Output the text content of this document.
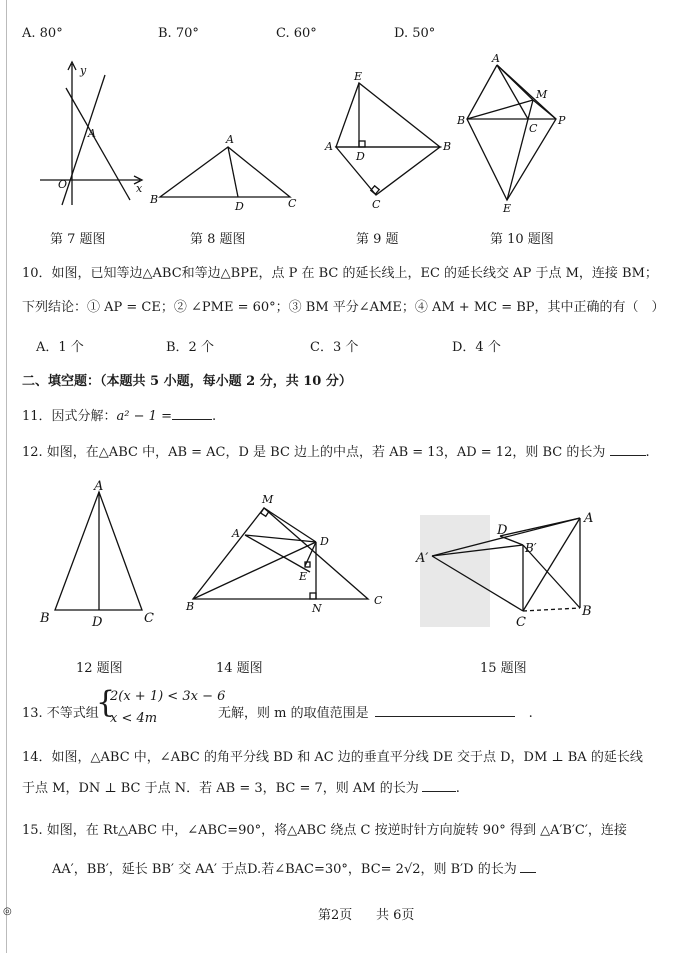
A. 80°	B. 70°	C. 60°	D. 50°
y
x
O
A	A
B	C
D
E
A	B
D
C
A
M
B
C
P
E
第 7 题图	第 8 题图	第 9 题	第 10 题图
10．如图，已知等边△ABC和等边△BPE，点 P 在 BC 的延长线上，EC 的延长线交 AP 于点 M，连接 BM；
下列结论：① AP = CE；② ∠PME = 60°；③ BM 平分∠AME；④ AM + MC = BP，其中正确的有（　）
A．1 个	B．2 个	C．3 个	D．4 个
二、填空题：（本题共 5 小题，每小题 2 分，共 10 分）
11．因式分解：a² − 1 =	.
12. 如图，在△ABC 中，AB = AC，D 是 BC 边上的中点，若 AB = 13，AD = 12，则 BC 的长为	.
A
B	C
D
M
A
D
E
B	N
C
D
A
A′
B′
B
C
12 题图	14 题图	15 题图
13. 不等式组
{
2(x + 1) < 3x − 6
x < 4m	无解，则 m 的取值范围是	.
14．如图，△ABC 中，∠ABC 的角平分线 BD 和 AC 边的垂直平分线 DE 交于点 D，DM ⊥ BA 的延长线
于点 M，DN ⊥ BC 于点 N．若 AB = 3，BC = 7，则 AM 的长为	.
15. 如图，在 Rt△ABC 中，∠ABC=90°，将△ABC 绕点 C 按逆时针方向旋转 90° 得到 △A′B′C′，连接
AA′，BB′，延长 BB′ 交 AA′ 于点D.若∠BAC=30°，BC= 2√2，则 B′D 的长为
◎	第2页 共 6页
